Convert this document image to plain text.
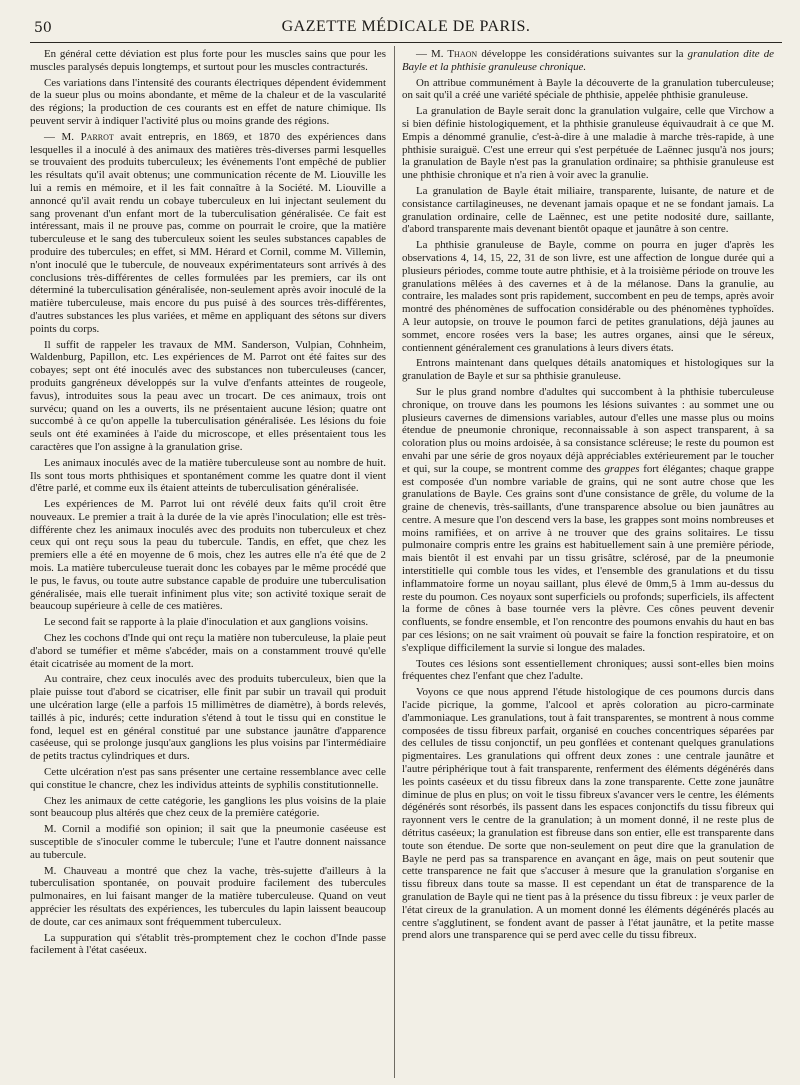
50	GAZETTE MÉDICALE DE PARIS.

En général cette déviation est plus forte pour les muscles sains que pour les muscles paralysés depuis longtemps, et surtout pour les muscles contracturés.

Ces variations dans l'intensité des courants électriques dépendent évidemment de la sueur plus ou moins abondante, et même de la chaleur et de la vascularité des régions; la production de ces courants est en effet de nature chimique. Ils peuvent servir à indiquer l'activité plus ou moins grande des régions.

— M. Parrot avait entrepris, en 1869, et 1870 des expériences dans lesquelles il a inoculé à des animaux des matières très-diverses parmi lesquelles se trouvaient des produits tuberculeux; les événements l'ont empêché de publier les résultats qu'il avait obtenus; une communication récente de M. Liouville les lui a remis en mémoire, et il les fait connaître à la Société. M. Liouville a annoncé qu'il avait rendu un cobaye tuberculeux en lui injectant seulement du sang provenant d'un enfant mort de la tuberculisation généralisée. Ce fait est intéressant, mais il ne prouve pas, comme on pourrait le croire, que la matière tuberculeuse et le sang des tuberculeux soient les seules substances capables de produire des tubercules; en effet, si MM. Hérard et Cornil, comme M. Villemin, n'ont inoculé que le tubercule, de nouveaux expérimentateurs sont arrivés à des conclusions très-différentes de celles formulées par les premiers, car ils ont déterminé la tuberculisation généralisée, non-seulement après avoir inoculé de la matière tuberculeuse, mais encore du pus puisé à des sources très-différentes, d'autres substances les plus variées, et même en appliquant des sétons sur divers points du corps.

Il suffit de rappeler les travaux de MM. Sanderson, Vulpian, Cohnheim, Waldenburg, Papillon, etc. Les expériences de M. Parrot ont été faites sur des cobayes; sept ont été inoculés avec des substances non tuberculeuses (cancer, produits gangréneux développés sur la vulve d'enfants atteintes de rougeole, favus), introduites sous la peau avec un trocart. De ces animaux, trois ont survécu; quand on les a ouverts, ils ne présentaient aucune lésion; quatre ont succombé à ce qu'on appelle la tuberculisation généralisée. Les lésions du foie seuls ont été examinées à l'aide du microscope, et elles présentaient tous les caractères que l'on assigne à la granulation grise.

Les animaux inoculés avec de la matière tuberculeuse sont au nombre de huit. Ils sont tous morts phthisiques et spontanément comme les quatre dont il vient d'être parlé, et comme eux ils étaient atteints de tuberculisation généralisée.

Les expériences de M. Parrot lui ont révélé deux faits qu'il croit être nouveaux. Le premier a trait à la durée de la vie après l'inoculation; elle est très-différente chez les animaux inoculés avec des produits non tuberculeux et chez ceux qui ont reçu sous la peau du tubercule. Tandis, en effet, que chez les premiers elle a été en moyenne de 6 mois, chez les autres elle n'a été que de 2 mois. La matière tuberculeuse tuerait donc les cobayes par le même procédé que le pus, le favus, ou toute autre substance capable de produire une tuberculisation généralisée, mais elle tuerait infiniment plus vite; son activité toxique serait de beaucoup supérieure à celle de ces matières.

Le second fait se rapporte à la plaie d'inoculation et aux ganglions voisins.

Chez les cochons d'Inde qui ont reçu la matière non tuberculeuse, la plaie peut d'abord se tuméfier et même s'abcéder, mais on a constamment trouvé qu'elle était cicatrisée au moment de la mort.

Au contraire, chez ceux inoculés avec des produits tuberculeux, bien que la plaie puisse tout d'abord se cicatriser, elle finit par subir un travail qui produit une ulcération large (elle a parfois 15 millimètres de diamètre), à bords relevés, taillés à pic, indurés; cette induration s'étend à tout le tissu qui en constitue le fond, lequel est en général constitué par une substance jaunâtre d'apparence caséeuse, qui se prolonge jusqu'aux ganglions les plus voisins par l'intermédiaire de petits tractus cylindriques et durs.

Cette ulcération n'est pas sans présenter une certaine ressemblance avec celle qui constitue le chancre, chez les individus atteints de syphilis constitutionnelle.

Chez les animaux de cette catégorie, les ganglions les plus voisins de la plaie sont beaucoup plus altérés que chez ceux de la première catégorie.

M. Cornil a modifié son opinion; il sait que la pneumonie caséeuse est susceptible de s'inoculer comme le tubercule; l'une et l'autre donnent naissance au tubercule.

M. Chauveau a montré que chez la vache, très-sujette d'ailleurs à la tuberculisation spontanée, on pouvait produire facilement des tubercules pulmonaires, en lui faisant manger de la matière tuberculeuse. Quand on veut apprécier les résultats des expériences, les tubercules du lapin laissent beaucoup de doute, car ces animaux sont fréquemment tuberculeux.

La suppuration qui s'établit très-promptement chez le cochon d'Inde passe facilement à l'état caséeux.

— M. Thaon développe les considérations suivantes sur la granulation dite de Bayle et la phthisie granuleuse chronique.

On attribue communément à Bayle la découverte de la granulation tuberculeuse; on sait qu'il a créé une variété spéciale de phthisie, appelée phthisie granuleuse.

La granulation de Bayle serait donc la granulation vulgaire, celle que Virchow a si bien définie histologiquement, et la phthisie granuleuse équivaudrait à ce que M. Empis a dénommé granulie, c'est-à-dire à une maladie à marche très-rapide, à une phthisie suraiguë. C'est une erreur qui s'est perpétuée de Laënnec jusqu'à nos jours; la granulation de Bayle n'est pas la granulation ordinaire; sa phthisie granuleuse est une phthisie chronique et n'a rien à voir avec la granulie.

La granulation de Bayle était miliaire, transparente, luisante, de nature et de consistance cartilagineuses, ne devenant jamais opaque et ne se fondant jamais. La granulation ordinaire, celle de Laënnec, est une petite nodosité dure, saillante, d'abord transparente mais devenant bientôt opaque et jaunâtre à son centre.

La phthisie granuleuse de Bayle, comme on pourra en juger d'après les observations 4, 14, 15, 22, 31 de son livre, est une affection de longue durée qui a plusieurs périodes, comme toute autre phthisie, et à la troisième période on trouve les granulations mêlées à des cavernes et à de la mélanose. Dans la granulie, au contraire, les malades sont pris rapidement, succombent en peu de temps, après avoir montré des phénomènes de suffocation considérable ou des phénomènes typhoïdes. A leur autopsie, on trouve le poumon farci de petites granulations, déjà jaunes au sommet, encore rosées vers la base; les autres organes, ainsi que le séreux, contiennent généralement ces granulations à leurs divers états.

Entrons maintenant dans quelques détails anatomiques et histologiques sur la granulation de Bayle et sur sa phthisie granuleuse.

Sur le plus grand nombre d'adultes qui succombent à la phthisie tuberculeuse chronique, on trouve dans les poumons les lésions suivantes : au sommet une ou plusieurs cavernes de dimensions variables, autour d'elles une masse plus ou moins étendue de pneumonie chronique, reconnaissable à son aspect transparent, à sa coloration plus ou moins ardoisée, à sa consistance scléreuse; le reste du poumon est envahi par une série de gros noyaux déjà appréciables extérieurement par le toucher et qui, sur la coupe, se montrent comme des grappes fort élégantes; chaque grappe est composée d'un nombre variable de grains, qui ne sont autre chose que les granulations de Bayle. Ces grains sont d'une consistance de grêle, du volume de la graine de chenevis, très-saillants, d'une transparence absolue ou bien jaunâtres au centre. A mesure que l'on descend vers la base, les grappes sont moins nombreuses et moins ramifiées, et on arrive à ne trouver que des grains solitaires. Le tissu pulmonaire compris entre les grains est habituellement sain à une première période, mais bientôt il est envahi par un tissu grisâtre, sclérosé, par de la pneumonie interstitielle qui comble tous les vides, et l'ensemble des granulations et du tissu inflammatoire forme un noyau saillant, plus élevé de 0mm,5 à 1mm au-dessus du reste du poumon. Ces noyaux sont superficiels ou profonds; superficiels, ils affectent la forme de cônes à base tournée vers la plèvre. Ces cônes peuvent devenir confluents, se fondre ensemble, et l'on rencontre des poumons envahis du haut en bas par ces lésions; on ne sait vraiment où pouvait se faire la fonction respiratoire, et on s'explique difficilement la survie si longue des malades.

Toutes ces lésions sont essentiellement chroniques; aussi sont-elles bien moins fréquentes chez l'enfant que chez l'adulte.

Voyons ce que nous apprend l'étude histologique de ces poumons durcis dans l'acide picrique, la gomme, l'alcool et après coloration au picro-carminate d'ammoniaque. Les granulations, tout à fait transparentes, se montrent à nous comme composées de tissu fibreux parfait, organisé en couches concentriques séparées par des cellules de tissu conjonctif, un peu gonflées et contenant quelques granulations pigmentaires. Les granulations qui offrent deux zones : une centrale jaunâtre et l'autre périphérique tout à fait transparente, renferment des éléments dégénérés dans les points caséeux et du tissu fibreux dans la zone transparente. Cette zone jaunâtre diminue de plus en plus; on voit le tissu fibreux s'avancer vers le centre, les éléments dégénérés sont résorbés, ils passent dans les espaces conjonctifs du tissu fibreux qui rayonnent vers le centre de la granulation; à un moment donné, il ne reste plus de détritus caséeux; la granulation est fibreuse dans son entier, elle est transparente dans toute son étendue. De sorte que non-seulement on peut dire que la granulation de Bayle ne perd pas sa transparence en avançant en âge, mais on peut soutenir que cette transparence ne fait que s'accuser à mesure que la granulation s'organise en tissu fibreux dans toute sa masse. Il est cependant un état de transparence de la granulation de Bayle qui ne tient pas à la présence du tissu fibreux : je veux parler de l'état cireux de la granulation. A un moment donné les éléments dégénérés placés au centre s'agglutinent, se fondent avant de passer à l'état jaunâtre, et la petite masse prend alors une transparence qui se perd avec celle du tissu fibreux.
